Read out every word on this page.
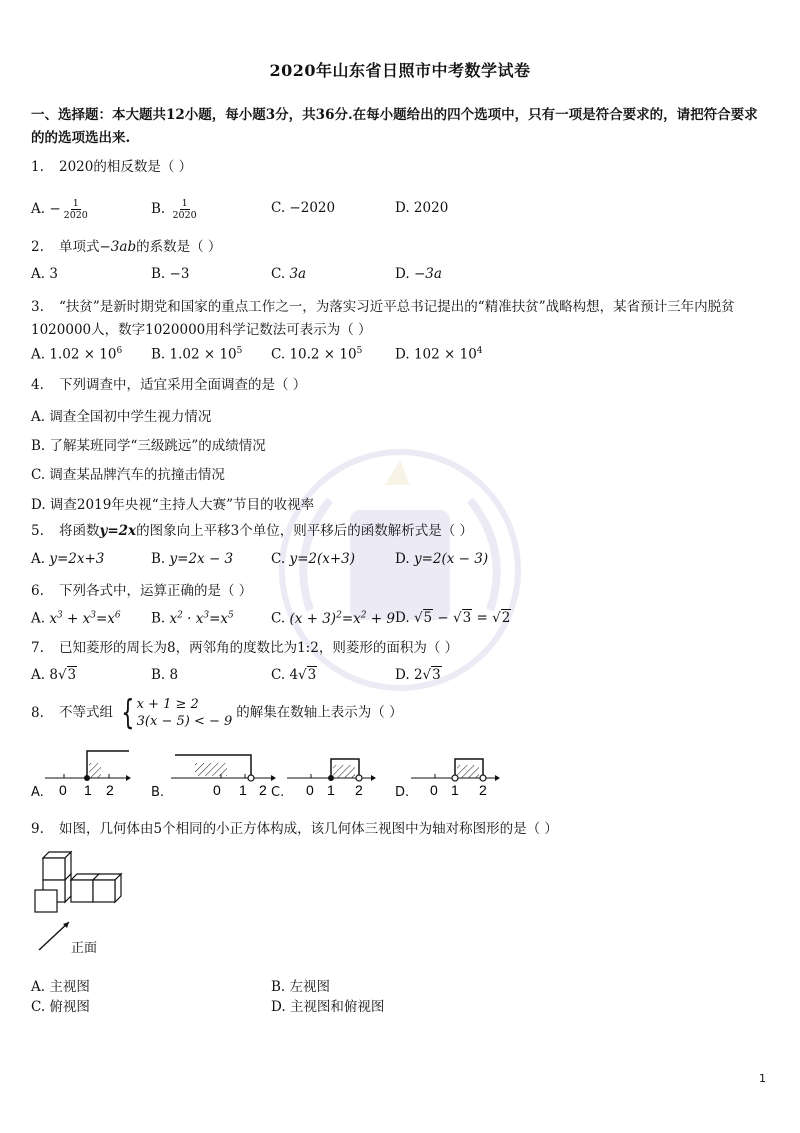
2020年山东省日照市中考数学试卷
一、选择题：本大题共12小题，每小题3分，共36分.在每小题给出的四个选项中，只有一项是符合要求的，请把符合要求的的选项选出来.
1. 2020的相反数是（ ）
A. − $\frac{1}{2020}$	B. $\frac{1}{2020}$	C. −2020	D. 2020
2. 单项式−3ab的系数是（ ）
A. 3	B. −3	C. 3a	D. −3a
3. “扶贫”是新时期党和国家的重点工作之一，为落实习近平总书记提出的“精准扶贫”战略构想，某省预计三年内脱贫1020000人，数字1020000用科学记数法可表示为（ ）
A. $1.02 \times 10^6$ B. $1.02 \times 10^5$ C. $10.2 \times 10^5$ D. $102 \times 10^4$
4. 下列调查中，适宜采用全面调查的是（ ）
A. 调查全国初中学生视力情况
B. 了解某班同学“三级跳远”的成绩情况
C. 调查某品牌汽车的抗撞击情况
D. 调查2019年央视“主持人大赛”节目的收视率
5. 将函数y=2x的图象向上平移3个单位，则平移后的函数解析式是（ ）
A. y=2x+3	B. y=2x − 3	C. y=2(x+3)	D. y=2(x − 3)
6. 下列各式中，运算正确的是（ ）
A. $x^3 + x^3=x^6$ B. $x^2 \cdot x^3=x^5$	C. $(x + 3)^2=x^2 + 9$ D. √5 − √3 = √2
7. 已知菱形的周长为8，两邻角的度数比为1:2，则菱形的面积为（ ）
A. 8√3	B. 8	C. 4√3	D. 2√3
8. 不等式组 { x + 1 ≥ 2
3(x − 5) < − 9
的解集在数轴上表示为（ ）
A. 0 1 2	B.	0 1 2 C. 0 1 2 D. 0 1 2
9. 如图，几何体由5个相同的小正方体构成，该几何体三视图中为轴对称图形的是（ ）
正面
A. 主视图	B. 左视图
C. 俯视图	D. 主视图和俯视图
1
